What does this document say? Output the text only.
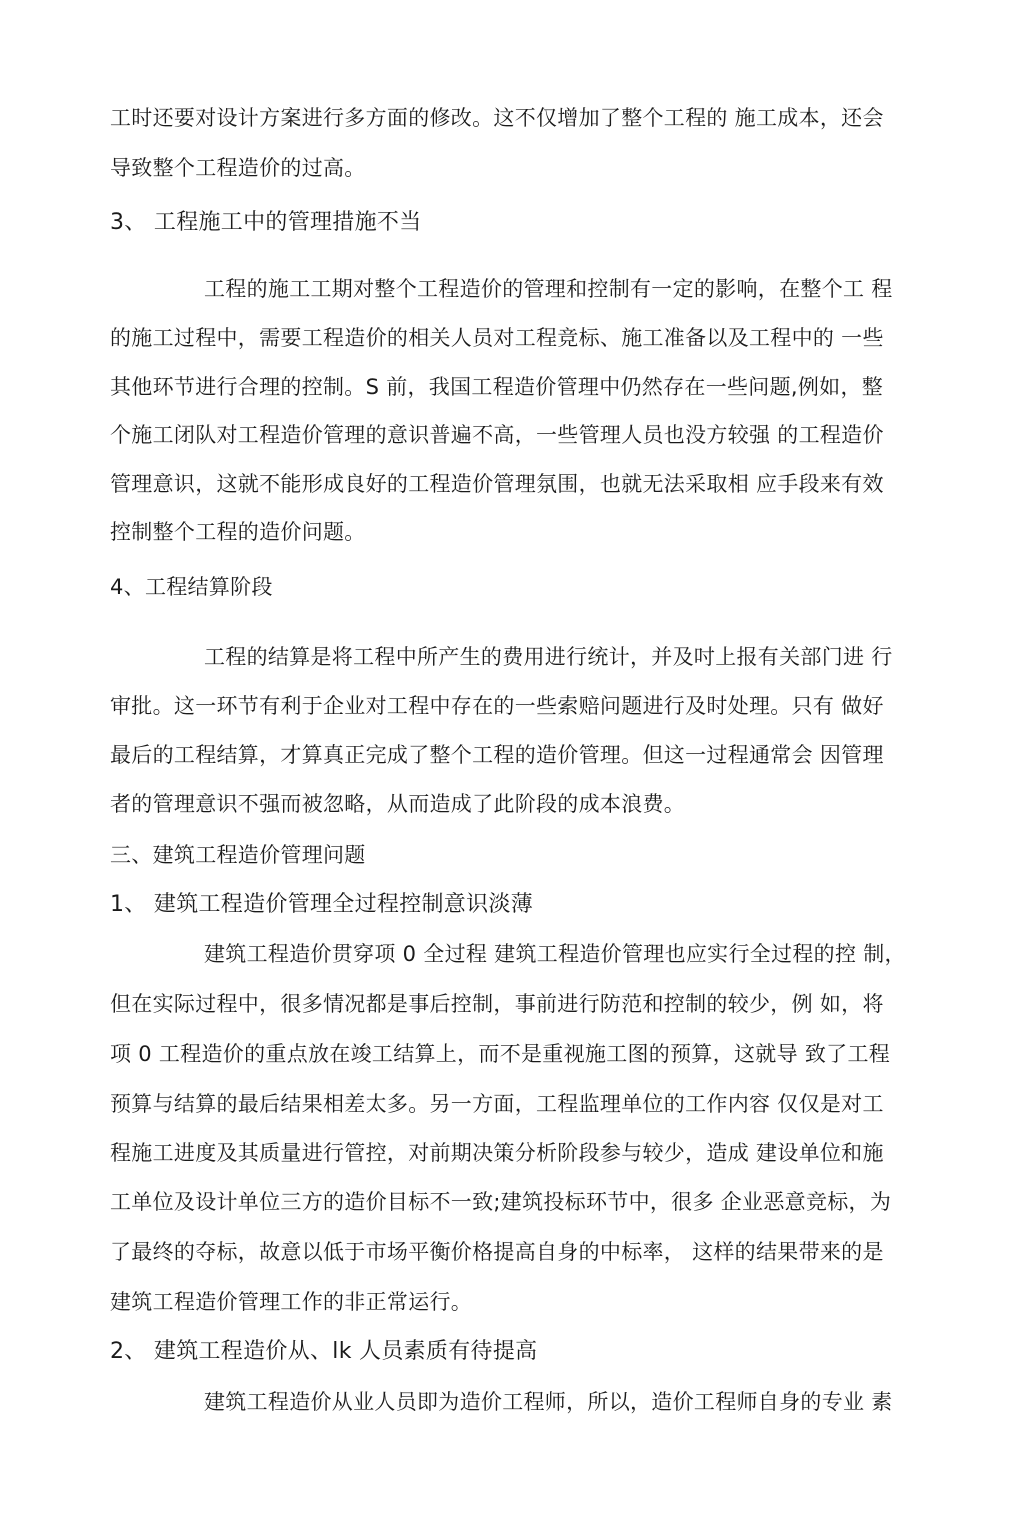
工时还要对设计方案进行多方面的修改。这不仅增加了整个工程的 施工成本，还会
导致整个工程造价的过高。
3、 工程施工中的管理措施不当
工程的施工工期对整个工程造价的管理和控制有一定的影响，在整个工 程
的施工过程中，需要工程造价的相关人员对工程竞标、施工准备以及工程中的 一些
其他环节进行合理的控制。S 前，我国工程造价管理中仍然存在一些问题,例如，整
个施工闭队对工程造价管理的意识普遍不高，一些管理人员也没方较强 的工程造价
管理意识，这就不能形成良好的工程造价管理氛围，也就无法采取相 应手段来有效
控制整个工程的造价问题。
4、工程结算阶段
工程的结算是将工程中所产生的费用进行统计，并及吋上报有关部门进 行
审批。这一环节有利于企业对工程中存在的一些索赔问题进行及时处理。只有 做好
最后的工程结算，才算真正完成了整个工程的造价管理。但这一过程通常会 因管理
者的管理意识不强而被忽略，从而造成了此阶段的成本浪费。
三、建筑工程造价管理问题
1、 建筑工程造价管理全过程控制意识淡薄
建筑工程造价贯穿项 0 全过程 建筑工程造价管理也应实行全过程的控 制，
但在实际过程中，很多情况都是事后控制，事前进行防范和控制的较少，例 如，将
项 0 工程造价的重点放在竣工结算上，而不是重视施工图的预算，这就导 致了工程
预算与结算的最后结果相差太多。另一方面，工程监理单位的工作内容 仅仅是对工
程施工进度及其质量进行管控，对前期决策分析阶段参与较少，造成 建设单位和施
工单位及设计单位三方的造价目标不一致;建筑投标环节中，很多 企业恶意竞标，为
了最终的夺标，故意以低于市场平衡价格提高自身的中标率， 这样的结果带来的是
建筑工程造价管理工作的非正常运行。
2、 建筑工程造价从、lk 人员素质有待提高
建筑工程造价从业人员即为造价工程师，所以，造价工程师自身的专业 素
